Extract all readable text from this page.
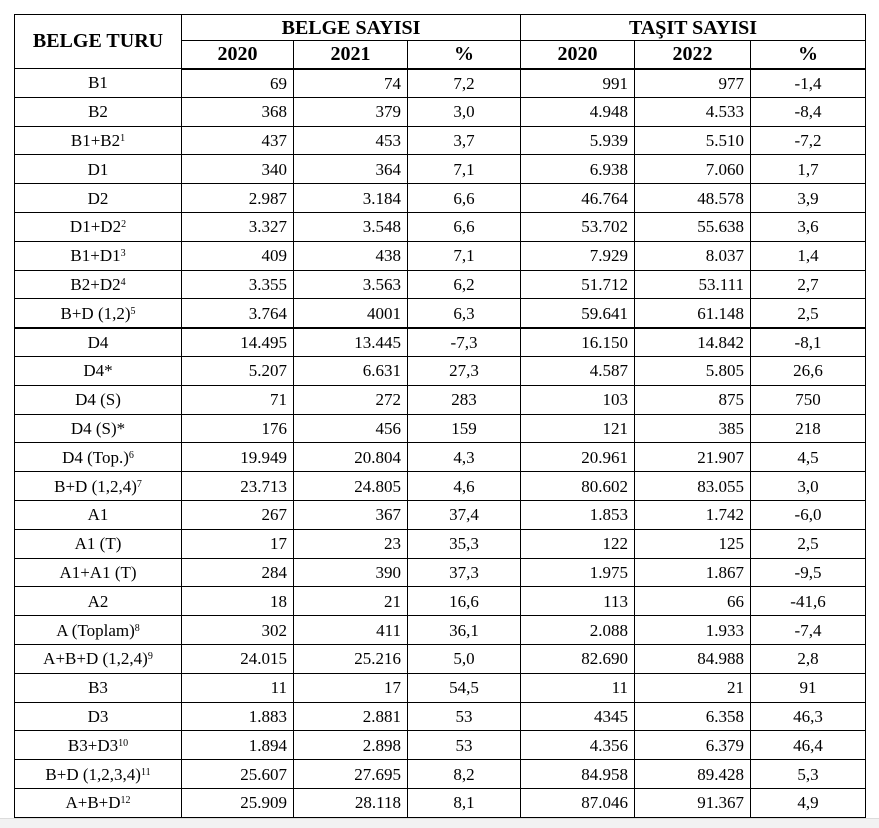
BELGE TURU	BELGE SAYISI			TAŞIT SAYISI		
	2020	2021	%	2020	2022	%
B1	69	74	7,2	991	977	-1,4
B2	368	379	3,0	4.948	4.533	-8,4
$B1+B2^1$	437	453	3,7	5.939	5.510	-7,2
D1	340	364	7,1	6.938	7.060	1,7
D2	2.987	3.184	6,6	46.764	48.578	3,9
$D1+D2^2$	3.327	3.548	6,6	53.702	55.638	3,6
$B1+D1^3$	409	438	7,1	7.929	8.037	1,4
$B2+D2^4$	3.355	3.563	6,2	51.712	53.111	2,7
B+D $(1,2)^5$	3.764	4001	6,3	59.641	61.148	2,5
D4	14.495	13.445	-7,3	16.150	14.842	-8,1
D4*	5.207	6.631	27,3	4.587	5.805	26,6
D4 (S)	71	272	283	103	875	750
D4 (S)*	176	456	159	121	385	218
D4 $(Top.)^6$	19.949	20.804	4,3	20.961	21.907	4,5
B+D $(1,2,4)^7$	23.713	24.805	4,6	80.602	83.055	3,0
A1	267	367	37,4	1.853	1.742	-6,0
A1 (T)	17	23	35,3	122	125	2,5
A1+A1 (T)	284	390	37,3	1.975	1.867	-9,5
A2	18	21	16,6	113	66	-41,6
A (Toplam)$^8$	302	411	36,1	2.088	1.933	-7,4
A+B+D $(1,2,4)^9$	24.015	25.216	5,0	82.690	84.988	2,8
B3	11	17	54,5	11	21	91
D3	1.883	2.881	53	4345	6.358	46,3
$B3+D3^{10}$	1.894	2.898	53	4.356	6.379	46,4
B+D $(1,2,3,4)^{11}$	25.607	27.695	8,2	84.958	89.428	5,3
$A+B+D^{12}$	25.909	28.118	8,1	87.046	91.367	4,9
